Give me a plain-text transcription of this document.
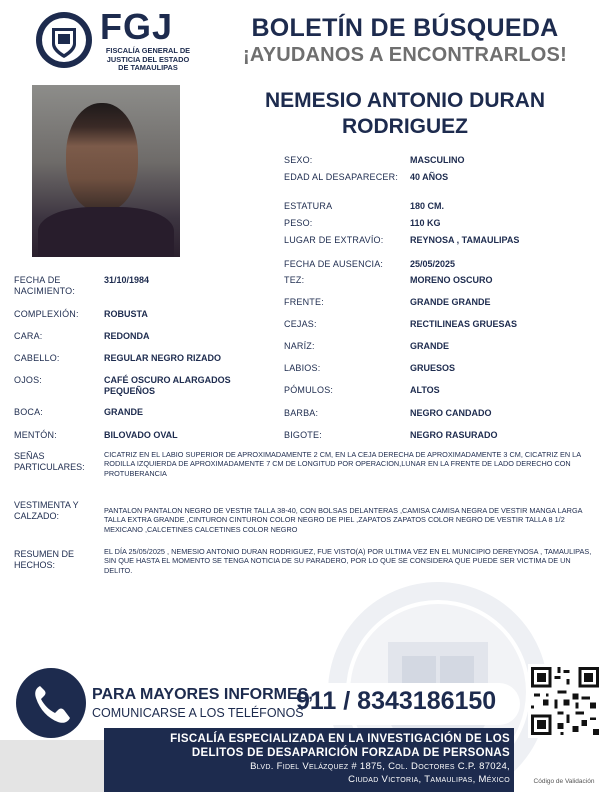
FGJ
FISCALÍA GENERAL DE
JUSTICIA DEL ESTADO
DE TAMAULIPAS
BOLETÍN DE BÚSQUEDA
¡AYUDANOS A ENCONTRARLOS!
NEMESIO ANTONIO DURAN RODRIGUEZ
SEXO:	MASCULINO
EDAD AL DESAPARECER: 40 AÑOS
ESTATURA	180 CM.
PESO:	110 KG
LUGAR DE EXTRAVÍO:	REYNOSA , TAMAULIPAS
FECHA DE AUSENCIA:	25/05/2025
TEZ:	MORENO OSCURO
FRENTE:	GRANDE GRANDE
CEJAS:	RECTILINEAS GRUESAS
NARÍZ:	GRANDE
LABIOS:	GRUESOS
PÓMULOS:	ALTOS
BARBA:	NEGRO CANDADO
BIGOTE:	NEGRO RASURADO
FECHA DE NACIMIENTO:
31/10/1984
COMPLEXIÓN:	ROBUSTA
CARA:	REDONDA
CABELLO:	REGULAR NEGRO RIZADO
OJOS:	CAFÉ OSCURO ALARGADOS PEQUEÑOS
BOCA:	GRANDE
MENTÓN:	BILOVADO OVAL
SEÑAS PARTICULARES:
CICATRIZ EN EL LABIO SUPERIOR DE APROXIMADAMENTE 2 CM, EN LA CEJA DERECHA DE APROXIMADAMENTE 3 CM, CICATRIZ EN LA RODILLA IZQUIERDA DE APROXIMADAMENTE 7 CM DE LONGITUD POR OPERACION,LUNAR EN LA FRENTE DE LADO DERECHO CON PROTUBERANCIA
VESTIMENTA Y CALZADO:
PANTALON PANTALON NEGRO DE VESTIR TALLA 38-40, CON BOLSAS DELANTERAS ,CAMISA CAMISA NEGRA DE VESTIR MANGA LARGA TALLA EXTRA GRANDE ,CINTURON CINTURON COLOR NEGRO DE PIEL ,ZAPATOS ZAPATOS COLOR NEGRO DE VESTIR TALLA 8 1/2 MEXICANO ,CALCETINES CALCETINES COLOR NEGRO
RESUMEN DE HECHOS:
EL DÍA 25/05/2025 , NEMESIO ANTONIO DURAN RODRIGUEZ, FUE VISTO(A) POR ULTIMA VEZ EN EL MUNICIPIO DEREYNOSA , TAMAULIPAS, SIN QUE HASTA EL MOMENTO SE TENGA NOTICIA DE SU PARADERO, POR LO QUE SE CONSIDERA QUE PUEDE SER VICTIMA DE UN DELITO.
PARA MAYORES INFORMES,
COMUNICARSE A LOS TELÉFONOS
911 / 8343186150
FISCALÍA ESPECIALIZADA EN LA INVESTIGACIÓN DE LOS
DELITOS DE DESAPARICIÓN FORZADA DE PERSONAS
Blvd. Fidel Velázquez # 1875, Col. Doctores C.P. 87024,
Ciudad Victoria, Tamaulipas, México	Código de Validación
